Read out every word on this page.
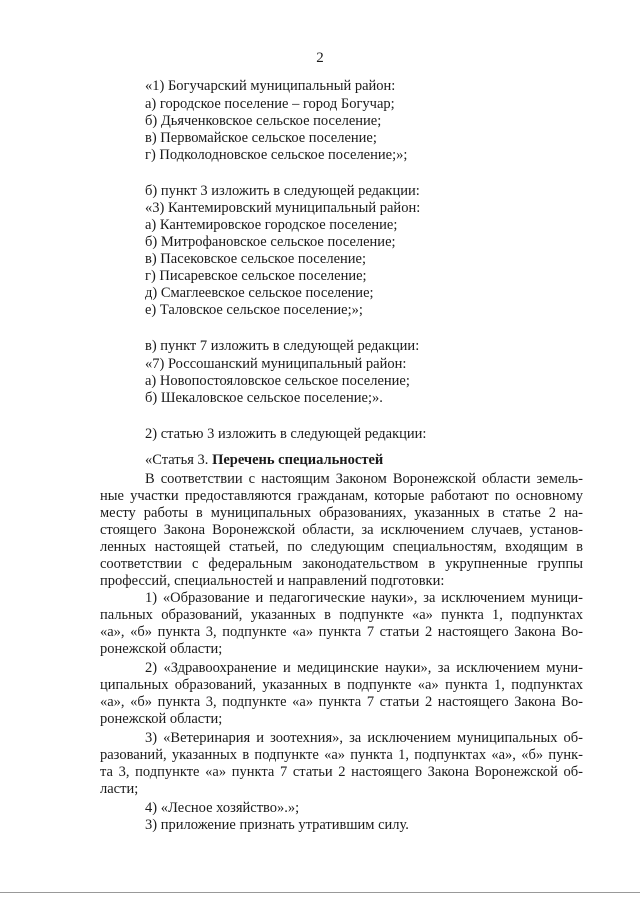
2
«1) Богучарский муниципальный район:
а) городское поселение – город Богучар;
б) Дьяченковское сельское поселение;
в) Первомайское сельское поселение;
г) Подколодновское сельское поселение;»;
б) пункт 3 изложить в следующей редакции:
«3) Кантемировский муниципальный район:
а) Кантемировское городское поселение;
б) Митрофановское сельское поселение;
в) Пасековское сельское поселение;
г) Писаревское сельское поселение;
д) Смаглеевское сельское поселение;
е) Таловское сельское поселение;»;
в) пункт 7 изложить в следующей редакции:
«7) Россошанский муниципальный район:
а) Новопостояловское сельское поселение;
б) Шекаловское сельское поселение;».
2) статью 3 изложить в следующей редакции:
«Статья 3. Перечень специальностей
В соответствии с настоящим Законом Воронежской области земель-
ные участки предоставляются гражданам, которые работают по основному
месту работы в муниципальных образованиях, указанных в статье 2 на-
стоящего Закона Воронежской области, за исключением случаев, установ-
ленных настоящей статьей, по следующим специальностям, входящим в
соответствии с федеральным законодательством в укрупненные группы
профессий, специальностей и направлений подготовки:
1) «Образование и педагогические науки», за исключением муници-
пальных образований, указанных в подпункте «а» пункта 1, подпунктах
«а», «б» пункта 3, подпункте «а» пункта 7 статьи 2 настоящего Закона Во-
ронежской области;
2) «Здравоохранение и медицинские науки», за исключением муни-
ципальных образований, указанных в подпункте «а» пункта 1, подпунктах
«а», «б» пункта 3, подпункте «а» пункта 7 статьи 2 настоящего Закона Во-
ронежской области;
3) «Ветеринария и зоотехния», за исключением муниципальных об-
разований, указанных в подпункте «а» пункта 1, подпунктах «а», «б» пунк-
та 3, подпункте «а» пункта 7 статьи 2 настоящего Закона Воронежской об-
ласти;
4) «Лесное хозяйство».»;
3) приложение признать утратившим силу.
